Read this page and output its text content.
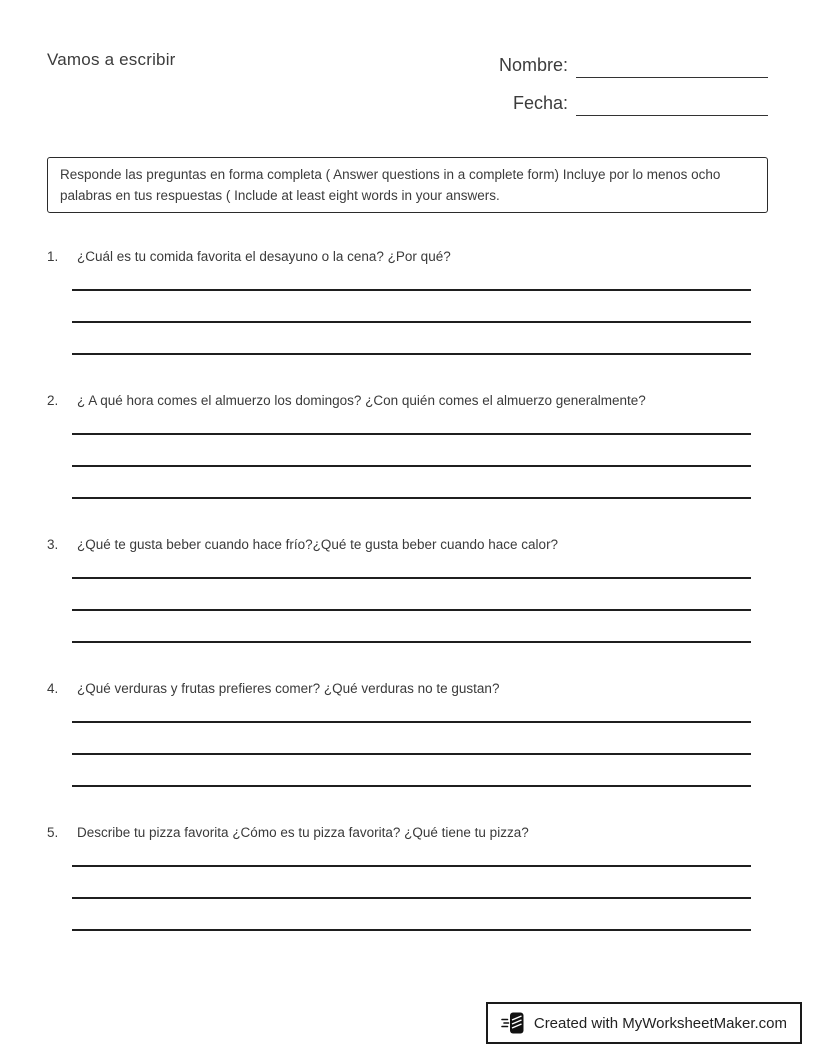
Vamos a escribir	Nombre:
Fecha:

Responde las preguntas en forma completa ( Answer questions in a complete form) Incluye por lo menos ocho palabras en tus respuestas ( Include at least eight words in your answers.

1.	¿Cuál es tu comida favorita el desayuno o la cena? ¿Por qué?
2.	¿ A qué hora comes el almuerzo los domingos? ¿Con quién comes el almuerzo generalmente?
3.	¿Qué te gusta beber cuando hace frío?¿Qué te gusta beber cuando hace calor?
4.	¿Qué verduras y frutas prefieres comer? ¿Qué verduras no te gustan?
5.	Describe tu pizza favorita ¿Cómo es tu pizza favorita? ¿Qué tiene tu pizza?
Created with MyWorksheetMaker.com
